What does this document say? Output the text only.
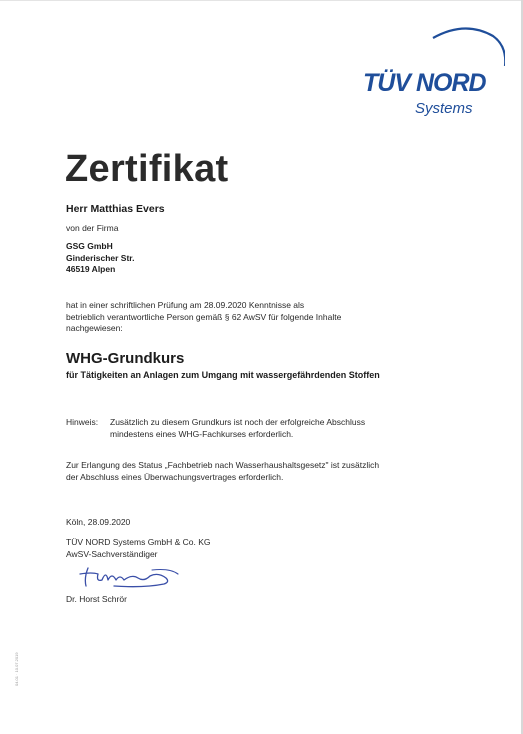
TÜV NORD
Systems
Zertifikat
Herr Matthias Evers
von der Firma
GSG GmbH
Ginderischer Str.
46519 Alpen
hat in einer schriftlichen Prüfung am 28.09.2020 Kenntnisse als
betrieblich verantwortliche Person gemäß § 62 AwSV für folgende Inhalte
nachgewiesen:
WHG-Grundkurs
für Tätigkeiten an Anlagen zum Umgang mit wassergefährdenden Stoffen
Hinweis: Zusätzlich zu diesem Grundkurs ist noch der erfolgreiche Abschluss
mindestens eines WHG-Fachkurses erforderlich.
Zur Erlangung des Status „Fachbetrieb nach Wasserhaushaltsgesetz" ist zusätzlich
der Abschluss eines Überwachungsvertrages erforderlich.
Köln, 28.09.2020
TÜV NORD Systems GmbH & Co. KG
AwSV-Sachverständiger
Dr. Horst Schrör
04.01 · 10.07.2019
